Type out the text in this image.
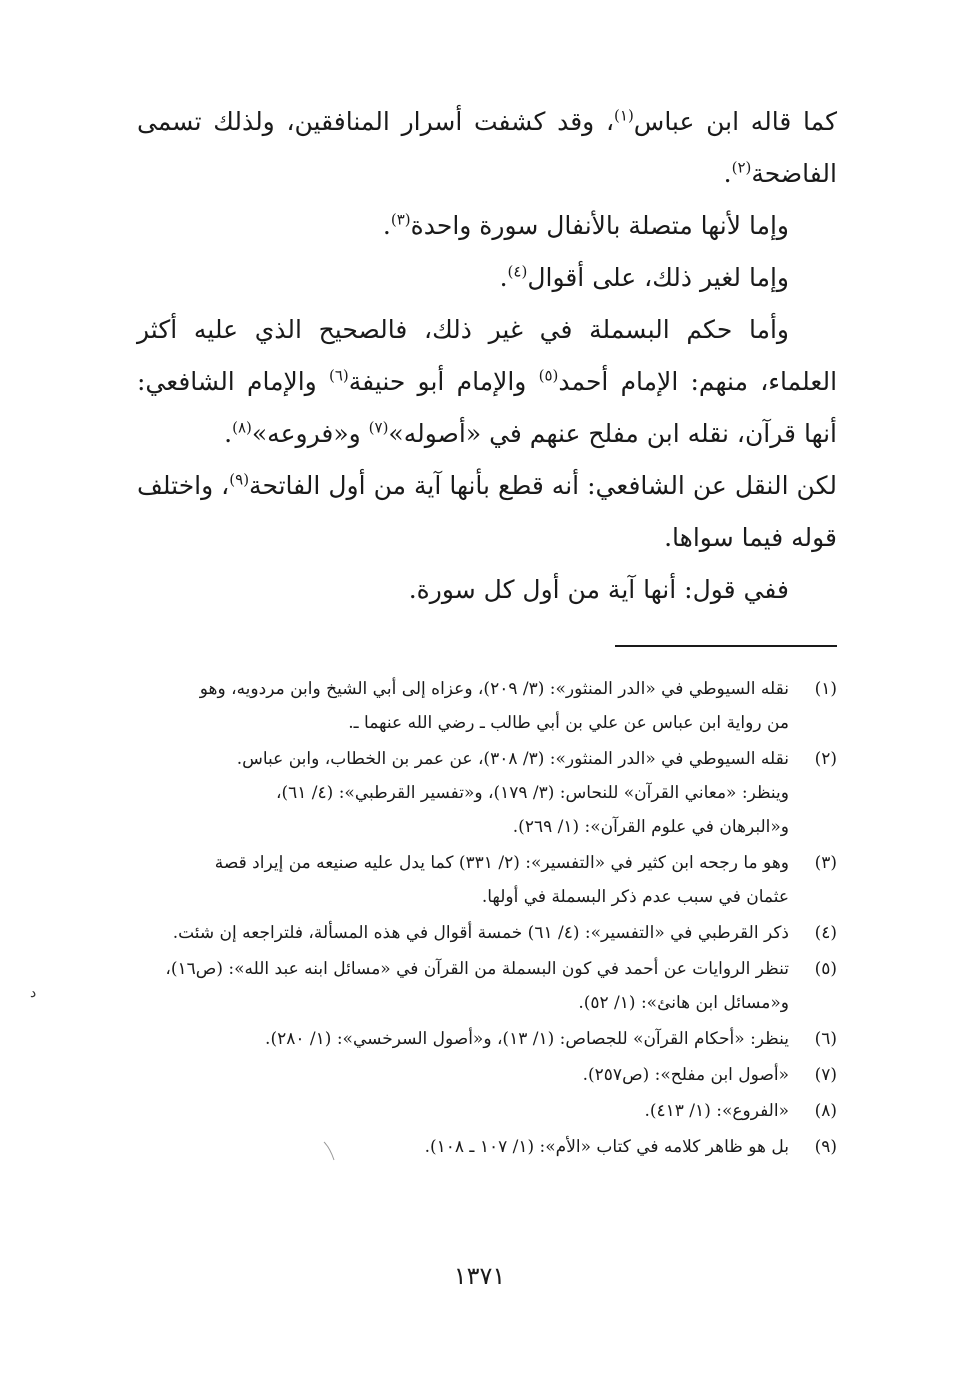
كما قاله ابن عباس$^{(١)}$، وقد كشفت أسرار المنافقين، ولذلك تسمى الفاضحة$^{(٢)}$.

وإما لأنها متصلة بالأنفال سورة واحدة$^{(٣)}$.

وإما لغير ذلك، على أقوال$^{(٤)}$.

وأما حكم البسملة في غير ذلك، فالصحيح الذي عليه أكثر العلماء، منهم: الإمام أحمد$^{(٥)}$ والإمام أبو حنيفة$^{(٦)}$ والإمام الشافعي: أنها قرآن، نقله ابن مفلح عنهم في «أصوله»$^{(٧)}$ و«فروعه»$^{(٨)}$.

لكن النقل عن الشافعي: أنه قطع بأنها آية من أول الفاتحة$^{(٩)}$، واختلف قوله فيما سواها.

ففي قول: أنها آية من أول كل سورة.

(١)
نقله السيوطي في «الدر المنثور»: (٣/ ٢٠٩)، وعزاه إلى أبي الشيخ وابن مردويه، وهو
من رواية ابن عباس عن علي بن أبي طالب ـ رضي الله عنهما ـ.
(٢)
نقله السيوطي في «الدر المنثور»: (٣/ ٣٠٨)، عن عمر بن الخطاب، وابن عباس.
وينظر: «معاني القرآن» للنحاس: (٣/ ١٧٩)، و«تفسير القرطبي»: (٤/ ٦١)،
و«البرهان في علوم القرآن»: (١/ ٢٦٩).
(٣)
وهو ما رجحه ابن كثير في «التفسير»: (٢/ ٣٣١) كما يدل عليه صنيعه من إيراد قصة
عثمان في سبب عدم ذكر البسملة في أولها.
(٤)
ذكر القرطبي في «التفسير»: (٤/ ٦١) خمسة أقوال في هذه المسألة، فلتراجعه إن شئت.
(٥)
تنظر الروايات عن أحمد في كون البسملة من القرآن في «مسائل ابنه عبد الله»: (ص١٦)،
و«مسائل ابن هانئ»: (١/ ٥٢).
(٦)
ينظر: «أحكام القرآن» للجصاص: (١/ ١٣)، و«أصول السرخسي»: (١/ ٢٨٠).
(٧)
«أصول ابن مفلح»: (ص٢٥٧).
(٨)
«الفروع»: (١/ ٤١٣).
(٩)
بل هو ظاهر كلامه في كتاب «الأم»: (١/ ١٠٧ ـ ١٠٨).
١٣٧١
د
